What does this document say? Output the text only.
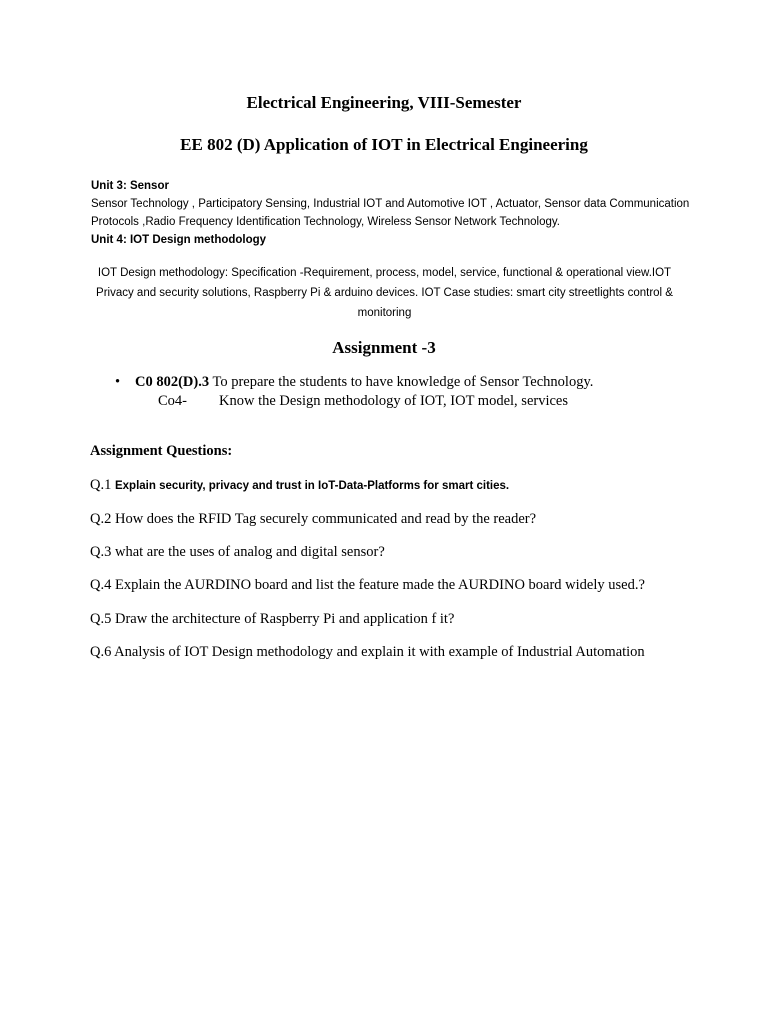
Electrical Engineering, VIII-Semester
EE 802 (D) Application of IOT in Electrical Engineering
Unit 3: Sensor
Sensor Technology , Participatory Sensing, Industrial IOT and Automotive IOT , Actuator, Sensor data Communication Protocols ,Radio Frequency Identification Technology, Wireless Sensor Network Technology.
Unit 4: IOT Design methodology
IOT Design methodology: Specification -Requirement, process, model, service, functional & operational view.IOT Privacy and security solutions, Raspberry Pi & arduino devices. IOT Case studies: smart city streetlights control & monitoring
Assignment -3
• C0 802(D).3 To prepare the students to have knowledge of Sensor Technology.
Co4- Know the Design methodology of IOT, IOT model, services
Assignment Questions:
Q.1 Explain security, privacy and trust in IoT-Data-Platforms for smart cities.
Q.2 How does the RFID Tag securely communicated and read by the reader?
Q.3 what are the uses of analog and digital sensor?
Q.4 Explain the AURDINO board and list the feature made the AURDINO board widely used.?
Q.5 Draw the architecture of Raspberry Pi and application f it?
Q.6 Analysis of IOT Design methodology and explain it with example of Industrial Automation
